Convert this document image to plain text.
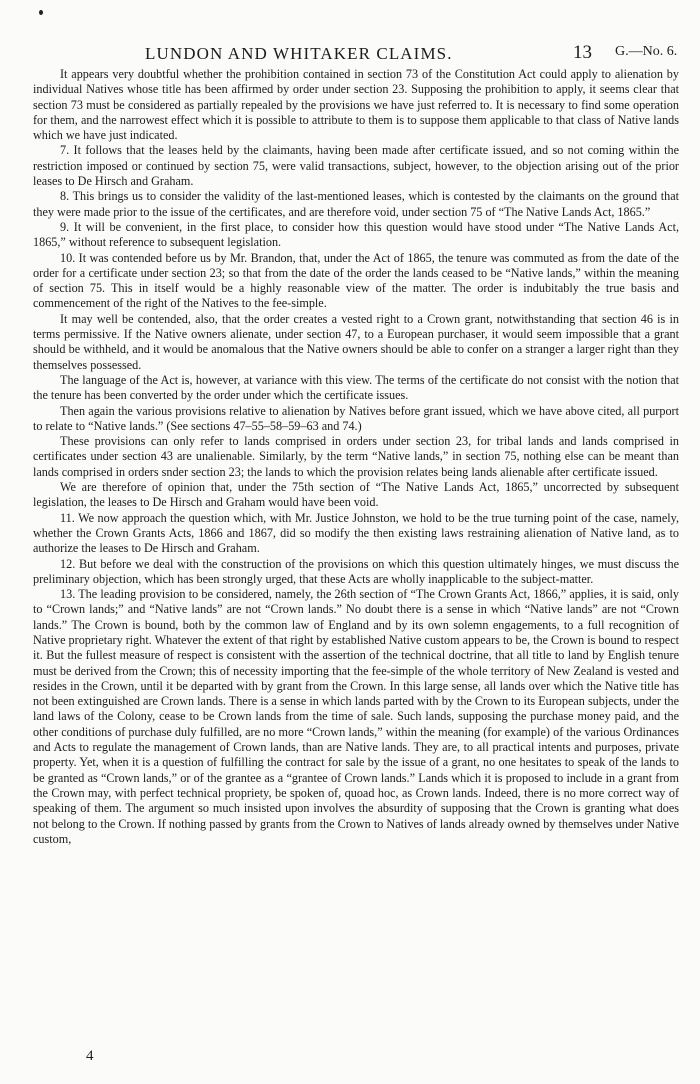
LUNDON AND WHITAKER CLAIMS.	13 G.—No. 6.

It appears very doubtful whether the prohibition contained in section 73 of the Constitution Act could apply to alienation by individual Natives whose title has been affirmed by order under section 23. Supposing the prohibition to apply, it seems clear that section 73 must be considered as partially repealed by the provisions we have just referred to. It is necessary to find some operation for them, and the narrowest effect which it is possible to attribute to them is to suppose them applicable to that class of Native lands which we have just indicated.

7. It follows that the leases held by the claimants, having been made after certificate issued, and so not coming within the restriction imposed or continued by section 75, were valid transactions, subject, however, to the objection arising out of the prior leases to De Hirsch and Graham.

8. This brings us to consider the validity of the last-mentioned leases, which is contested by the claimants on the ground that they were made prior to the issue of the certificates, and are therefore void, under section 75 of “The Native Lands Act, 1865.”

9. It will be convenient, in the first place, to consider how this question would have stood under “The Native Lands Act, 1865,” without reference to subsequent legislation.

10. It was contended before us by Mr. Brandon, that, under the Act of 1865, the tenure was commuted as from the date of the order for a certificate under section 23; so that from the date of the order the lands ceased to be “Native lands,” within the meaning of section 75. This in itself would be a highly reasonable view of the matter. The order is indubitably the true basis and commencement of the right of the Natives to the fee-simple.

It may well be contended, also, that the order creates a vested right to a Crown grant, notwithstanding that section 46 is in terms permissive. If the Native owners alienate, under section 47, to a European purchaser, it would seem impossible that a grant should be withheld, and it would be anomalous that the Native owners should be able to confer on a stranger a larger right than they themselves possessed.

The language of the Act is, however, at variance with this view. The terms of the certificate do not consist with the notion that the tenure has been converted by the order under which the certificate issues.

Then again the various provisions relative to alienation by Natives before grant issued, which we have above cited, all purport to relate to “Native lands.” (See sections 47–55–58–59–63 and 74.)

These provisions can only refer to lands comprised in orders under section 23, for tribal lands and lands comprised in certificates under section 43 are unalienable. Similarly, by the term “Native lands,” in section 75, nothing else can be meant than lands comprised in orders snder section 23; the lands to which the provision relates being lands alienable after certificate issued.

We are therefore of opinion that, under the 75th section of “The Native Lands Act, 1865,” uncorrected by subsequent legislation, the leases to De Hirsch and Graham would have been void.

11. We now approach the question which, with Mr. Justice Johnston, we hold to be the true turning point of the case, namely, whether the Crown Grants Acts, 1866 and 1867, did so modify the then existing laws restraining alienation of Native land, as to authorize the leases to De Hirsch and Graham.

12. But before we deal with the construction of the provisions on which this question ultimately hinges, we must discuss the preliminary objection, which has been strongly urged, that these Acts are wholly inapplicable to the subject-matter.

13. The leading provision to be considered, namely, the 26th section of “The Crown Grants Act, 1866,” applies, it is said, only to “Crown lands;” and “Native lands” are not “Crown lands.” No doubt there is a sense in which “Native lands” are not “Crown lands.” The Crown is bound, both by the common law of England and by its own solemn engagements, to a full recognition of Native proprietary right. Whatever the extent of that right by established Native custom appears to be, the Crown is bound to respect it. But the fullest measure of respect is consistent with the assertion of the technical doctrine, that all title to land by English tenure must be derived from the Crown; this of necessity importing that the fee-simple of the whole territory of New Zealand is vested and resides in the Crown, until it be departed with by grant from the Crown. In this large sense, all lands over which the Native title has not been extinguished are Crown lands. There is a sense in which lands parted with by the Crown to its European subjects, under the land laws of the Colony, cease to be Crown lands from the time of sale. Such lands, supposing the purchase money paid, and the other conditions of purchase duly fulfilled, are no more “Crown lands,” within the meaning (for example) of the various Ordinances and Acts to regulate the management of Crown lands, than are Native lands. They are, to all practical intents and purposes, private property. Yet, when it is a question of fulfilling the contract for sale by the issue of a grant, no one hesitates to speak of the lands to be granted as “Crown lands,” or of the grantee as a “grantee of Crown lands.” Lands which it is proposed to include in a grant from the Crown may, with perfect technical propriety, be spoken of, quoad hoc, as Crown lands. Indeed, there is no more correct way of speaking of them. The argument so much insisted upon involves the absurdity of supposing that the Crown is granting what does not belong to the Crown. If nothing passed by grants from the Crown to Natives of lands already owned by themselves under Native custom,

4
